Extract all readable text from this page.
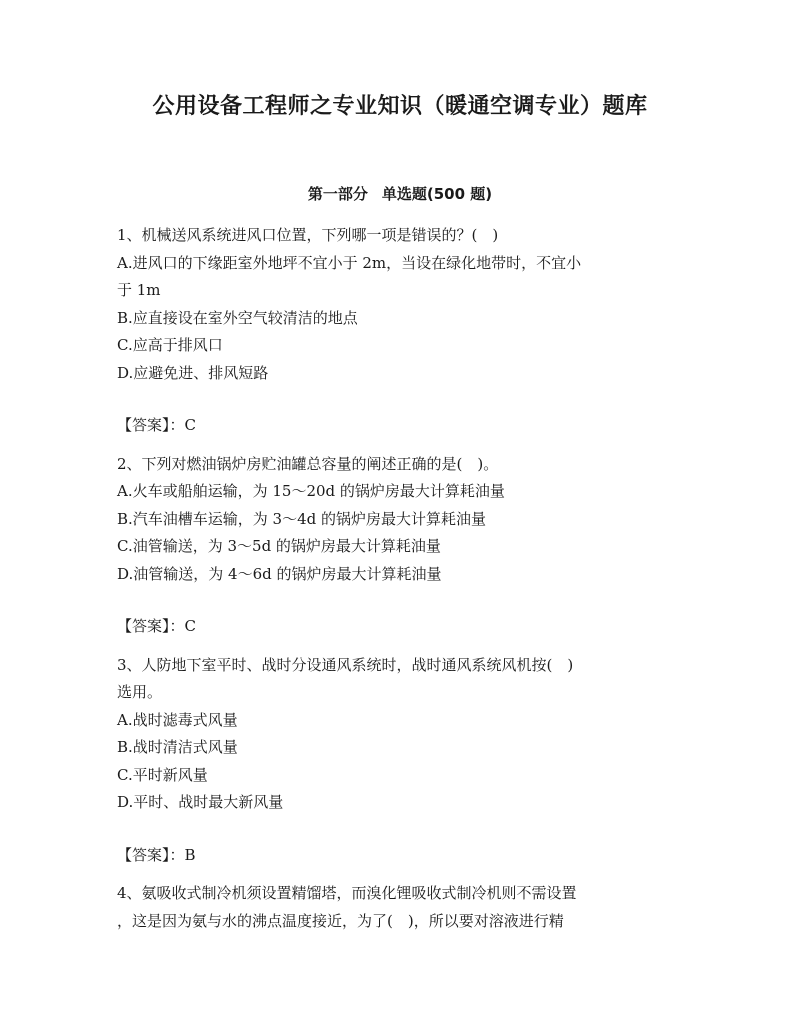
公用设备工程师之专业知识（暖通空调专业）题库
第一部分 单选题(500 题)
1、机械送风系统进风口位置，下列哪一项是错误的？(　)
A.进风口的下缘距室外地坪不宜小于 2m，当设在绿化地带时，不宜小
于 1m
B.应直接设在室外空气较清洁的地点
C.应高于排风口
D.应避免进、排风短路
【答案】：C
2、下列对燃油锅炉房贮油罐总容量的阐述正确的是(　)。
A.火车或船舶运输，为 15～20d 的锅炉房最大计算耗油量
B.汽车油槽车运输，为 3～4d 的锅炉房最大计算耗油量
C.油管输送，为 3～5d 的锅炉房最大计算耗油量
D.油管输送，为 4～6d 的锅炉房最大计算耗油量
【答案】：C
3、人防地下室平时、战时分设通风系统时，战时通风系统风机按(　)
选用。
A.战时滤毒式风量
B.战时清洁式风量
C.平时新风量
D.平时、战时最大新风量
【答案】：B
4、氨吸收式制冷机须设置精馏塔，而溴化锂吸收式制冷机则不需设置
，这是因为氨与水的沸点温度接近，为了(　)，所以要对溶液进行精
